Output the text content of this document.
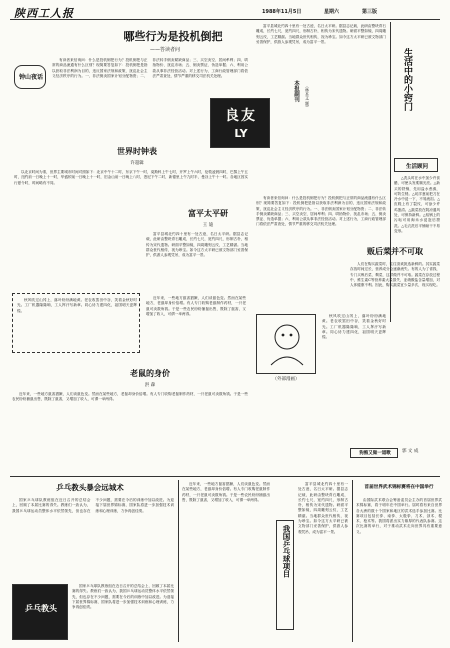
陕西工人报	1988年11月5日	星期六	第三版
钟山夜话
哪些行为是投机倒把
——答读者问

有读者来信询问：什么是投机倒把行为？投机倒把与正常的商品流通有什么区别？现简要答复如下：投机倒把是指以获取非法利润为目的，违反国家法规和政策，扰乱社会主义经济秩序的行为。一、非法倒卖国家计划分配物资；二、非法转手倒卖紧缺商品；三、买空卖空、居间牟利；四、哄抬物价、扰乱市场；五、倒卖票证、伪造单据；六、利用公款从事非法经营活动。对上述行为，工商行政管理部门将依法严肃查处，情节严重的移交司法机关处理。

世界时钟表
许超辑

以北京时间为准，世界主要城市时间对照如下：北京中午十二时，东京下午一时，莫斯科上午七时，开罗上午六时，伦敦凌晨四时，巴黎上午五时，纽约前一日晚上十一时，华盛顿前一日晚上十一时，旧金山前一日晚上八时，悉尼下午二时，新德里上午九时半，曼谷上午十一时。各地区因实行夏令时，时间略有不同。

良友
LY

富平县城北约四十里有一处古迹，名曰太平研。据县志记载，此研由整块青石雕成，长约七尺，宽约四尺，形制古朴，相传为宋代遗物。研面平整如镜，四周雕刻云纹，工艺精湛。当地群众世代相传，视为珍宝。如今这方太平研已被文物部门妥善保护，供游人参观凭吊，成为富平一景。

本报副刊	（林本文 题）
富平太平研
王 迪

富平县城北约四十里有一处古迹，名曰太平研。据县志记载，此研由整块青石雕成，长约七尺，宽约四尺，形制古朴，相传为宋代遗物。研面平整如镜，四周雕刻云纹，工艺精湛。当地群众世代相传，视为珍宝。如今这方太平研已被文物部门妥善保护，供游人参观凭吊，成为富平一景。

有读者来信询问：什么是投机倒把行为？投机倒把与正常的商品流通有什么区别？现简要答复如下：投机倒把是指以获取非法利润为目的，违反国家法规和政策，扰乱社会主义经济秩序的行为。一、非法倒卖国家计划分配物资；二、非法转手倒卖紧缺商品；三、买空卖空、居间牟利；四、哄抬物价、扰乱市场；五、倒卖票证、伪造单据；六、利用公款从事非法经营活动。对上述行为，工商行政管理部门将依法严肃查处，情节严重的移交司法机关处理。

生活中的小窍门
生活顾问

△洗头时在水中加少许食醋，可使头发柔顺光亮。△新买的铁锅，先用盐水煮沸，可防生锈。△切洋葱前把刀在冷水中浸一下，不易流泪。△皮鞋上有了裂纹，可涂少许鸡蛋清。△蔬菜放在阴凉通风处，可保持新鲜。△铝锅上的污垢可用淘米水浸泡后擦洗。△毛衣洗后平铺晾干不易变形。

贩后菜并不可取

人们在购买蔬菜时，往往喜欢挑选新鲜的。其实蔬菜存放时间过长，营养成分会逐渐流失。有的人为了省钱，专门买贩后菜、剩菜，这样做并不可取。蔬菜在存放过程中，维生素C等营养素大量损失，亚硝酸盐含量增加，对人体健康不利。因此，购买蔬菜宜少量多次，现买现吃。

秋风吹过山冈上，落叶纷纷满地黄。老农收罢田中谷，笑看金秋好时光。工厂机器隆隆响，工人挥汗写新章。同心协力建四化，祖国明天更辉煌。

近年来，一些地方鼠害猖獗，人们谈鼠色变。然而在某些地方，老鼠却身价倍增。有人专门收购老鼠制作药材，一只老鼠可卖数角钱。于是一些农民纷纷捕鼠出售，既除了鼠害，又增加了收入，可谓一举两得。

老鼠的身价
洪 森

近年来，一些地方鼠害猖獗，人们谈鼠色变。然而在某些地方，老鼠却身价倍增。有人专门收购老鼠制作药材，一只老鼠可卖数角钱。于是一些农民纷纷捕鼠出售，既除了鼠害，又增加了收入，可谓一举两得。

（外部漫画）

秋风吹过山冈上，落叶纷纷满地黄。老农收罢田中谷，笑看金秋好时光。工厂机器隆隆响，工人挥汗写新章。同心协力建四化，祖国明天更辉煌。

狗熊又做一道歌	郭 文 成
乒乓教头暴会远城术
乒乓教头

国家乒乓球队教练组在近日召开的总结会上，回顾了本届比赛的得失。教练们一致认为，我国乒乓球运动员整体水平依然领先，但也存在不少问题，需要在今后的训练中加以改进。为迎接下届世界锦标赛，国家队将进一步加强技术训练和心理训练，力争再创佳绩。

国家乒乓球队教练组在近日召开的总结会上，回顾了本届比赛的得失。教练们一致认为，我国乒乓球运动员整体水平依然领先，但也存在不少问题，需要在今后的训练中加以改进。为迎接下届世界锦标赛，国家队将进一步加强技术训练和心理训练，力争再创佳绩。

近年来，一些地方鼠害猖獗，人们谈鼠色变。然而在某些地方，老鼠却身价倍增。有人专门收购老鼠制作药材，一只老鼠可卖数角钱。于是一些农民纷纷捕鼠出售，既除了鼠害，又增加了收入，可谓一举两得。

我国乒乓球项目

富平县城北约四十里有一处古迹，名曰太平研。据县志记载，此研由整块青石雕成，长约七尺，宽约四尺，形制古朴，相传为宋代遗物。研面平整如镜，四周雕刻云纹，工艺精湛。当地群众世代相传，视为珍宝。如今这方太平研已被文物部门妥善保护，供游人参观凭吊，成为富平一景。

首届世界武术锦标赛将在中国举行

由国际武术联合会筹备委员会主办的首届世界武术锦标赛，将于明年在中国举行。届时将有来自世界各大洲的数十个国家和地区的武术选手参加比赛。比赛项目包括长拳、南拳、太极拳、刀术、剑术、棍术、枪术等。我国将派出实力雄厚的代表队参赛。这次比赛的举行，对于推动武术走向世界具有重要意义。
